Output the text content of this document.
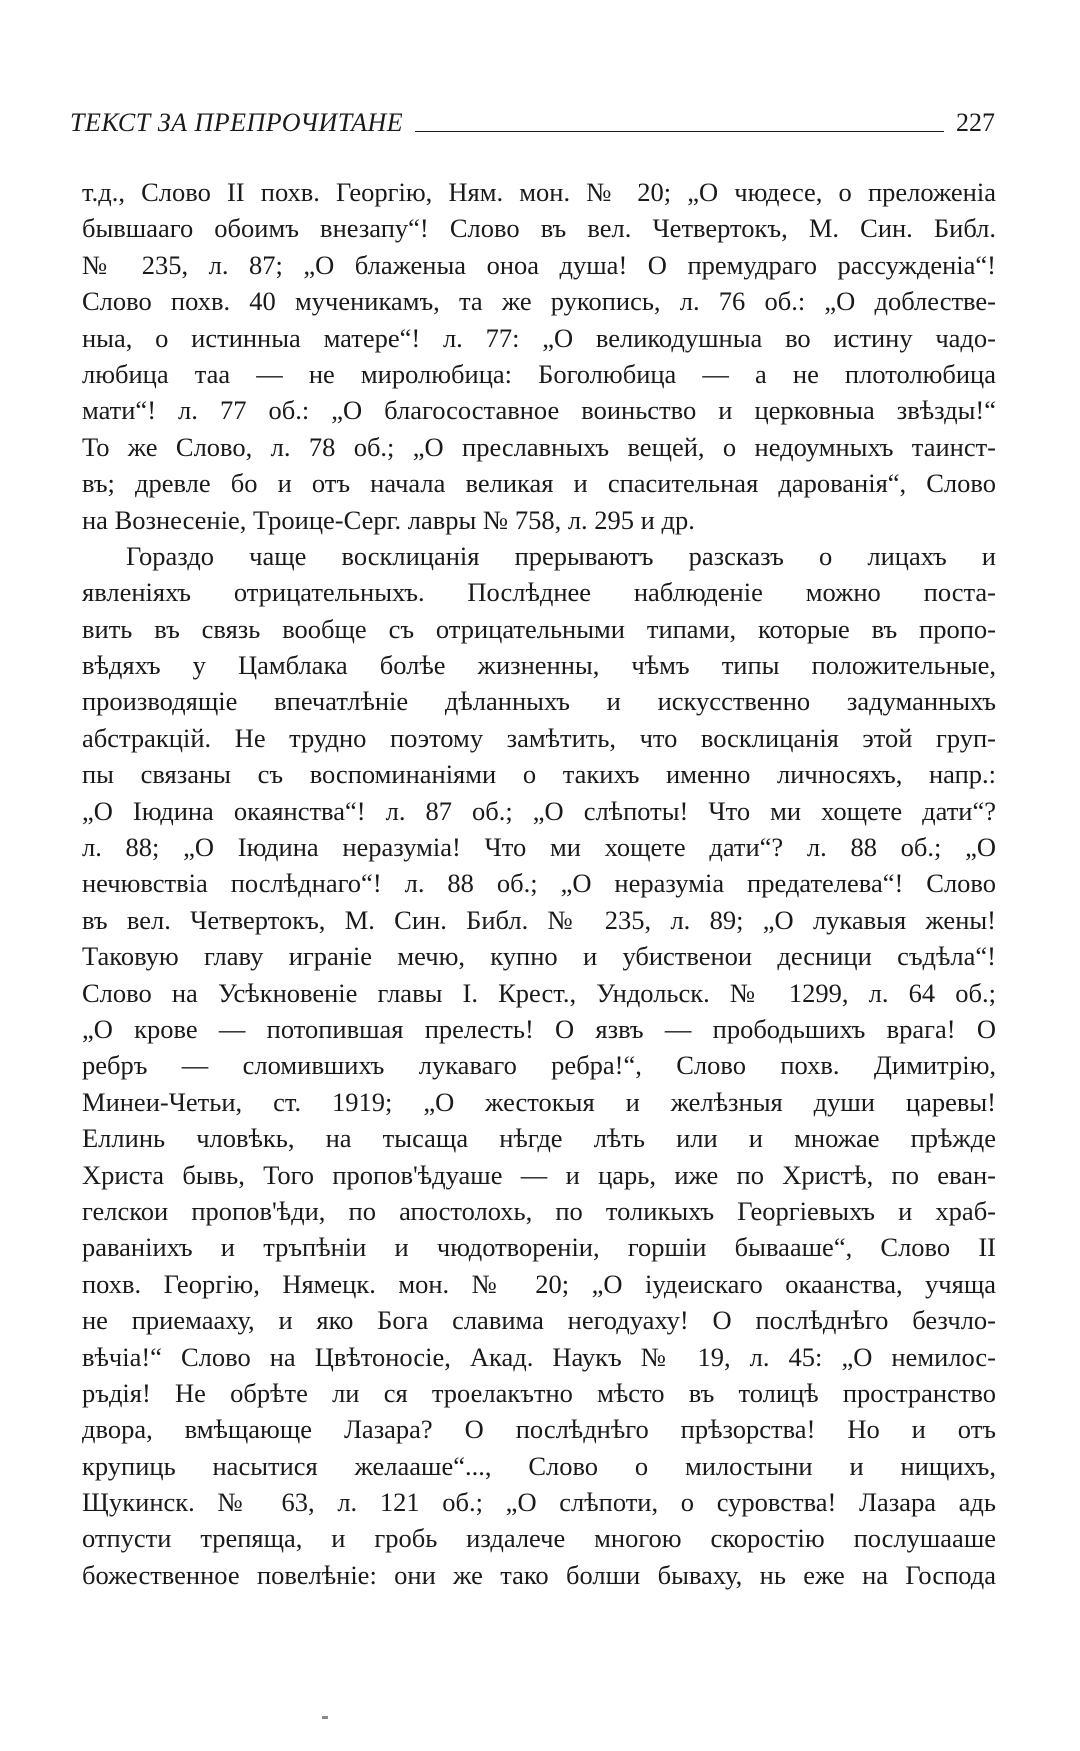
ТЕКСТ ЗА ПРЕПРОЧИТАНЕ	227
т.д., Слово II похв. Георгію, Ням. мон. № 20; „О чюдесе, о преложеніа
бывшааго обоимъ внезапу“! Слово въ вел. Четвертокъ, М. Син. Библ.
№ 235, л. 87; „О блаженыа оноа душа! О премудраго рассужденіа“!
Слово похв. 40 мученикамъ, та же рукопись, л. 76 об.: „О доблестве-
ныа, о истинныа матере“! л. 77: „О великодушныа во истину чадо-
любица таа — не миролюбица: Боголюбица — а не плотолюбица
мати“! л. 77 об.: „О благосоставное воиньство и церковныа звѣзды!“
То же Слово, л. 78 об.; „О преславныхъ вещей, о недоумныхъ таинст-
въ; древле бо и отъ начала великая и спасительная дарованія“, Слово
на Вознесеніе, Троице-Серг. лавры № 758, л. 295 и др.
Гораздо чаще восклицанія прерываютъ разсказъ о лицахъ и
явленіяхъ отрицательныхъ. Послѣднее наблюденіе можно поста-
вить въ связь вообще съ отрицательными типами, которые въ пропо-
вѣдяхъ у Цамблака болѣе жизненны, чѣмъ типы положительные,
производящіе впечатлѣніе дѣланныхъ и искусственно задуманныхъ
абстракцій. Не трудно поэтому замѣтить, что восклицанія этой груп-
пы связаны съ воспоминаніями о такихъ именно личносяхъ, напр.:
„О Іюдина окаянства“! л. 87 об.; „О слѣпоты! Что ми хощете дати“?
л. 88; „О Іюдина неразуміа! Что ми хощете дати“? л. 88 об.; „О
нечювствіа послѣднаго“! л. 88 об.; „О неразуміа предателева“! Слово
въ вел. Четвертокъ, М. Син. Библ. № 235, л. 89; „О лукавыя жены!
Таковую главу играніе мечю, купно и убиственои десници съдѣла“!
Слово на Усѣкновеніе главы І. Крест., Ундольск. № 1299, л. 64 об.;
„О крове — потопившая прелесть! О язвъ — прободьшихъ врага! О
ребръ — сломившихъ лукаваго ребра!“, Слово похв. Димитрію,
Минеи-Четьи, ст. 1919; „О жестокыя и желѣзныя души царевы!
Еллинь чловѣкь, на тысаща нѣгде лѣть или и множае прѣжде
Христа бывь, Того пропов'ѣдуаше — и царь, иже по Христѣ, по еван-
гелскои пропов'ѣди, по апостолохь, по толикыхъ Георгіевыхъ и храб-
раваніихъ и тръпѣніи и чюдотвореніи, горшіи бывааше“, Слово II
похв. Георгію, Нямецк. мон. № 20; „О іудеискаго окаанства, учяща
не приемааху, и яко Бога славима негодуаху! О послѣднѣго безчло-
вѣчіа!“ Слово на Цвѣтоносіе, Акад. Наукъ № 19, л. 45: „О немилос-
ръдія! Не обрѣте ли ся троелакътно мѣсто въ толицѣ пространство
двора, вмѣщающе Лазара? О послѣднѣго прѣзорства! Но и отъ
крупиць насытися желааше“..., Слово о милостыни и нищихъ,
Щукинск. № 63, л. 121 об.; „О слѣпоти, о суровства! Лазара адь
отпусти трепяща, и гробь издалече многою скоростію послушааше
божественное повелѣніе: они же тако болши бываху, нь еже на Господа
